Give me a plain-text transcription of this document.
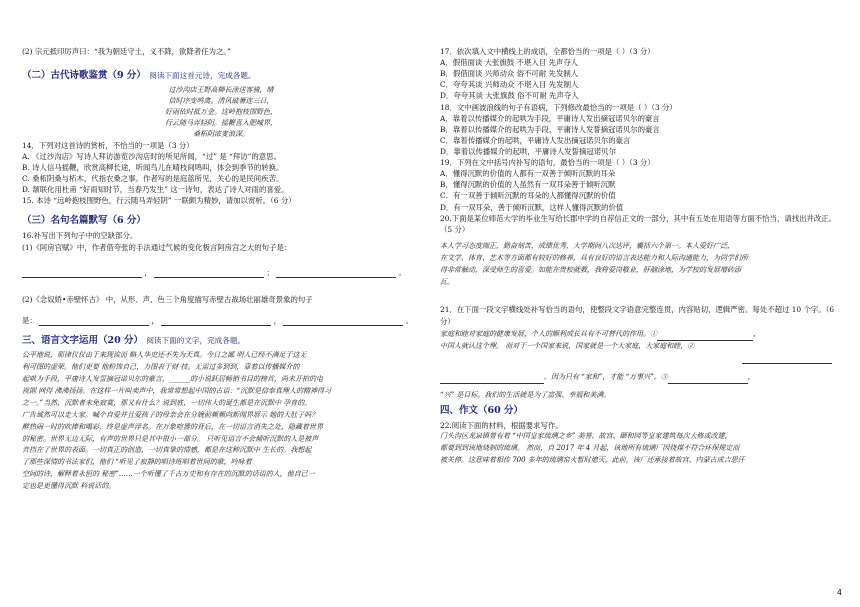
(2) 宗元抵印厉声曰：“我为朝廷守土，义不降，欲降者任为之。”
（二）古代诗歌鉴赏（9 分） 阅读下面这首元诗，完成各题。
过沙沟店王野高柳长涂送客骑，晴
信时序变鸣禽。清风破暑连三日，
好雨依时抵万金。这岭抱枝围野色，
行云随马弄轻阴。摇鞭喜入肥城界，
桑柘阴浓麦浪深。
14．下列对这首诗的赏析，不恰当的一项是（3 分）
A. 《过沙沟店》写诗人拜访游览沙沟店时的所见所闻，“过” 是 “拜访”的意思。
B. 诗人信马摇鞭，欣赏高柳长途，听闻鸟儿在晴枝间鸣叫，体会到季节的转换。
C. 桑柘阴桑与柘木，代指农桑之事。作者写的是庭蓝所见，关心的是民间疾苦。
D. 颔联化用杜甫 “好雨知时节，当春乃发生” 这一诗句，表达了诗人对雨的喜爱。
15. 本诗 “远岭抱枝围野色，行云随马弄轻阴” 一联颇为精妙，请加以赏析。（6 分）
（三）名句名篇默写（6 分）
16.补写出下列句子中的空缺部分。
(1)《阿房宫赋》中，作者借夸张的手法通过气候的变化极言阿房宫之大的句子是：
，	；	。
(2)《念奴娇•赤壁怀古》 中，从形、声、色三个角度描写赤壁古战场壮丽雄奇景象的句子
是：	，	，	。
三、语言文字运用（20 分） 阅读下面的文字，完成各题。
公平地说，耶律仅仅由于来现诶而 略人华史还不失为天真。今日之鄙 明人已经不满足于这无
利可图的虚荣。他们更要 他粉饰自己，力图表于财 技。无需过多到到，靠着以传播媒介的
起哄为手段，平庸诗人发誓摘冠诺贝尔的豪言，______的小说跃居畅销书目的榜首，尚未开拍的电
视剧 网得 沸沸扬扬。在这样一片叫卖声中，我常常想起中国的古语：“沉默是信奉真理人的精神得习
之一。”当然，沉默者未免寂寞，那又有什么？说到底，一切伟大的诞生都是在沉默中 孕育的。
广告诚然可以走大家。喊个自爱并且爱孩子的母亲会在分娩前频频向新闻界展示 她的大肚子吗？
醉热闹一时的吹捧和喝彩，终是虚声浮名。在万象喧嚣的背后，在一切语言消失之处，隐藏着世界
的秘密。世界无边无际，有声的世界只是其中很小一部分。 只听见语言不会倾听沉默的人是被声
音挡在了世界的表面。一切真正的创造，一切真挚的情感，都是在这种沉默中 生长的。我想起
了那些深情的书法家们，他们 “听见了寂静的唱诗班唱着世间的歌，吟咏着
空间的诗，解释着永恒的 秘密”……一个听懂了千古万史和有存在的沉默的话语的人，他自己一
定也是更懂得沉默 科说话的。
17．依次填入文中横线上的成语，全都恰当的一项是（ ）（3 分）
A．假借面谈 大张旗鼓 不堪入目 先声夺人
B．假借面谈 兴师动众 俗不可耐 先发制人
C．夸夸其谈 兴师动众 不堪入目 先发制人
D．夸夸其谈 大张旗鼓 俗不可耐 先声夺人
18．文中画波浪线的句子有语病，下列修改最恰当的一项是（ ）（3 分）
A．靠着以传播媒介的起哄为手段，平庸诗人发出摘冠诺贝尔的豪言
B．靠着以传播媒介的起哄为手段，平庸诗人发誓摘冠诺贝尔的豪言
C．靠着传播媒介的起哄，平庸诗人发出摘冠诺贝尔的豪言
D．靠着以传播媒介的起哄，平庸诗人发誓摘冠诺贝尔
19．下列在文中括号内补写的语句，最恰当的一项是（ ）（3 分）
A．懂得沉默的价值的人都有一双善于倾听沉默的耳朵
B．懂得沉默的价值的人虽然有一双耳朵善于倾听沉默
C．有一双善于倾听沉默的耳朵的人都懂得沉默的价值
D．有一双耳朵，善于倾听沉默，这样人懂得沉默的价值
20.下面是某位师范大学的毕业生写给长郡中学的自荐信正文的一部分，其中有五处在用语等方面不恰当，请找出并改正。（5 分）
本人学习态度端正，勤奋刻苦，成绩优秀，大学期间八次达评，囊括六个第一。本人爱好广泛，
在文学、体育、艺术等方面都有较好的修养，具有良好的语言表达能力和人际沟通能力，为同学们所
得非常触动，深受师生的喜爱。如能在贵校就教，我将爱岗敬业，肝脑涂地，为学校的发展增砖添
瓦。
21．在下面一段文字横线处补写恰当的语句，使整段文字语意完整连贯，内容贴切，逻辑严密。每处不超过 10 个字。（6 分）
家庭和睦对家庭的健康发展，个人的顺利成长具有不可替代的作用。①	，
中国人就认这个理。 而对于一个国家来说，国家就是一个大家庭，大家庭和睦，②
。因为只有 “家和”，才能 “万事兴”。③	，
“兴” 是目标。我们的生活就是为了富强、幸福和美满。
四、作文（60 分）
22.阅读下面的材料，根据要求写作。
门头沟区龙泉镇曾有着 “中国皇家琉璃之乡” 美誉。故宫、颐和园等皇家建筑每次大修或改建，
都要到到该地烧制的琉璃。 然而，自 2017 年 4 月起，该地所有琉璃厂因烧煤不符合环保规定而
被关停。这意味着相传 700 多年的琉璃窑火暂时熄灭。此前，该厂还承接着故宫、内蒙古成吉思汗
4
